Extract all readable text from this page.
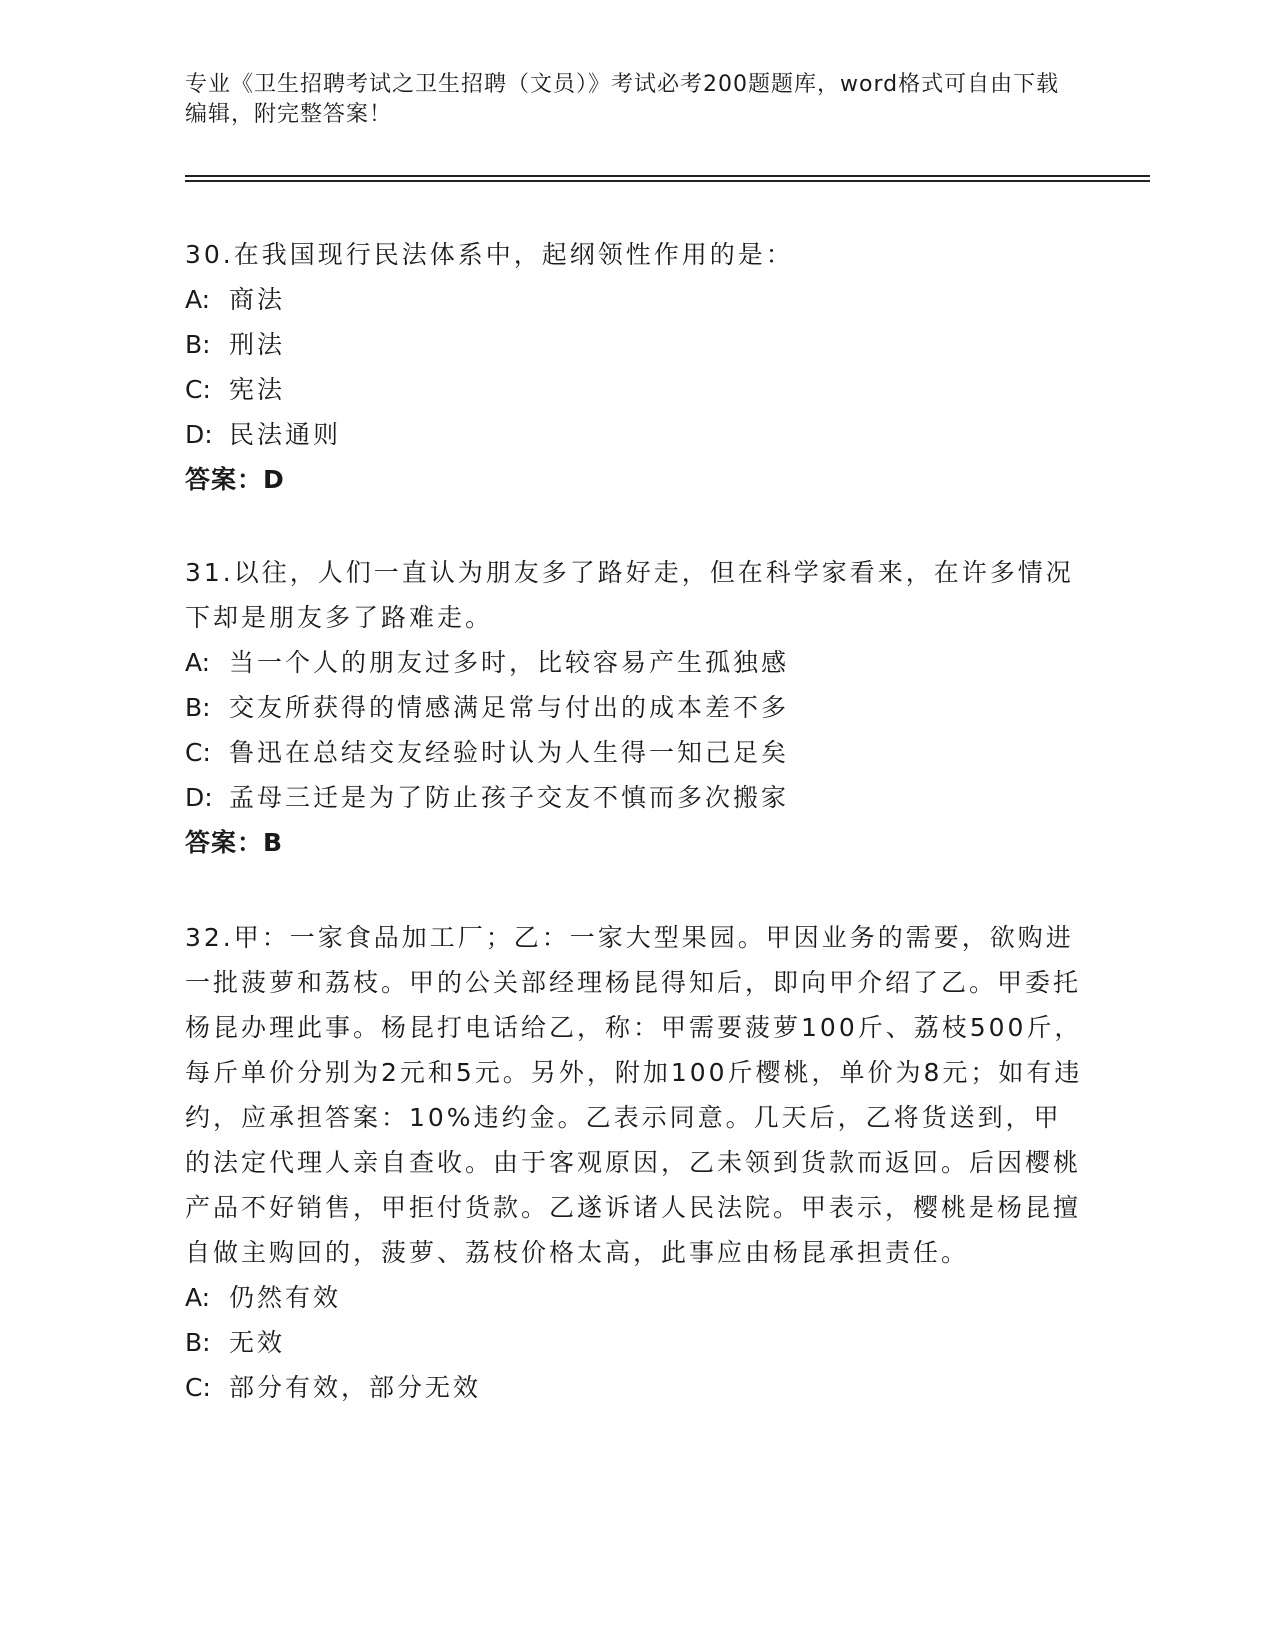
专业《卫生招聘考试之卫生招聘（文员）》考试必考200题题库，word格式可自由下载编辑，附完整答案！

30.在我国现行民法体系中，起纲领性作用的是：

A: 商法

B: 刑法

C: 宪法

D: 民法通则

答案：D

31.以往，人们一直认为朋友多了路好走，但在科学家看来，在许多情况下却是朋友多了路难走。

A: 当一个人的朋友过多时，比较容易产生孤独感

B: 交友所获得的情感满足常与付出的成本差不多

C: 鲁迅在总结交友经验时认为人生得一知己足矣

D: 孟母三迁是为了防止孩子交友不慎而多次搬家

答案：B

32.甲：一家食品加工厂；乙：一家大型果园。甲因业务的需要，欲购进一批菠萝和荔枝。甲的公关部经理杨昆得知后，即向甲介绍了乙。甲委托杨昆办理此事。杨昆打电话给乙，称：甲需要菠萝100斤、荔枝500斤，每斤单价分别为2元和5元。另外，附加100斤樱桃，单价为8元；如有违约，应承担答案：10%违约金。乙表示同意。几天后，乙将货送到，甲的法定代理人亲自查收。由于客观原因，乙未领到货款而返回。后因樱桃产品不好销售，甲拒付货款。乙遂诉诸人民法院。甲表示，樱桃是杨昆擅自做主购回的，菠萝、荔枝价格太高，此事应由杨昆承担责任。

A: 仍然有效

B: 无效

C: 部分有效，部分无效
